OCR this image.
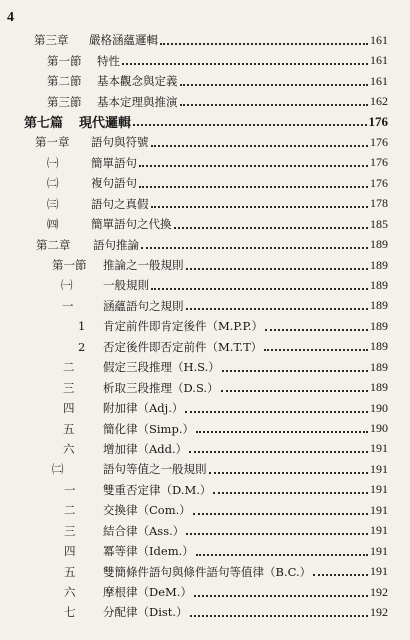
4
第三章	嚴格涵蘊邏輯	161
第一節	特性	161
第二節	基本觀念與定義	161
第三節	基本定理與推演	162
第七篇	現代邏輯	176
第一章	語句與符號	176
㈠	簡單語句	176
㈡	複句語句	176
㈢	語句之真假	178
㈣	簡單語句之代換	185
第二章	語句推論	189
第一節	推論之一般規則	189
㈠	一般規則	189
一	涵蘊語句之規則	189
1	肯定前件即肯定後件（M.P.P.）	189
2	否定後件即否定前件（M.T.T）	189
二	假定三段推理（H.S.）	189
三	析取三段推理（D.S.）	189
四	附加律（Adj.）	190
五	簡化律（Simp.）	190
六	增加律（Add.）	191
㈡	語句等值之一般規則	191
一	雙重否定律（D.M.）	191
二	交換律（Com.）	191
三	結合律（Ass.）	191
四	冪等律（Idem.）	191
五	雙簡條件語句與條件語句等值律（B.C.）	191
六	摩根律（DeM.）	192
七	分配律（Dist.）	192
